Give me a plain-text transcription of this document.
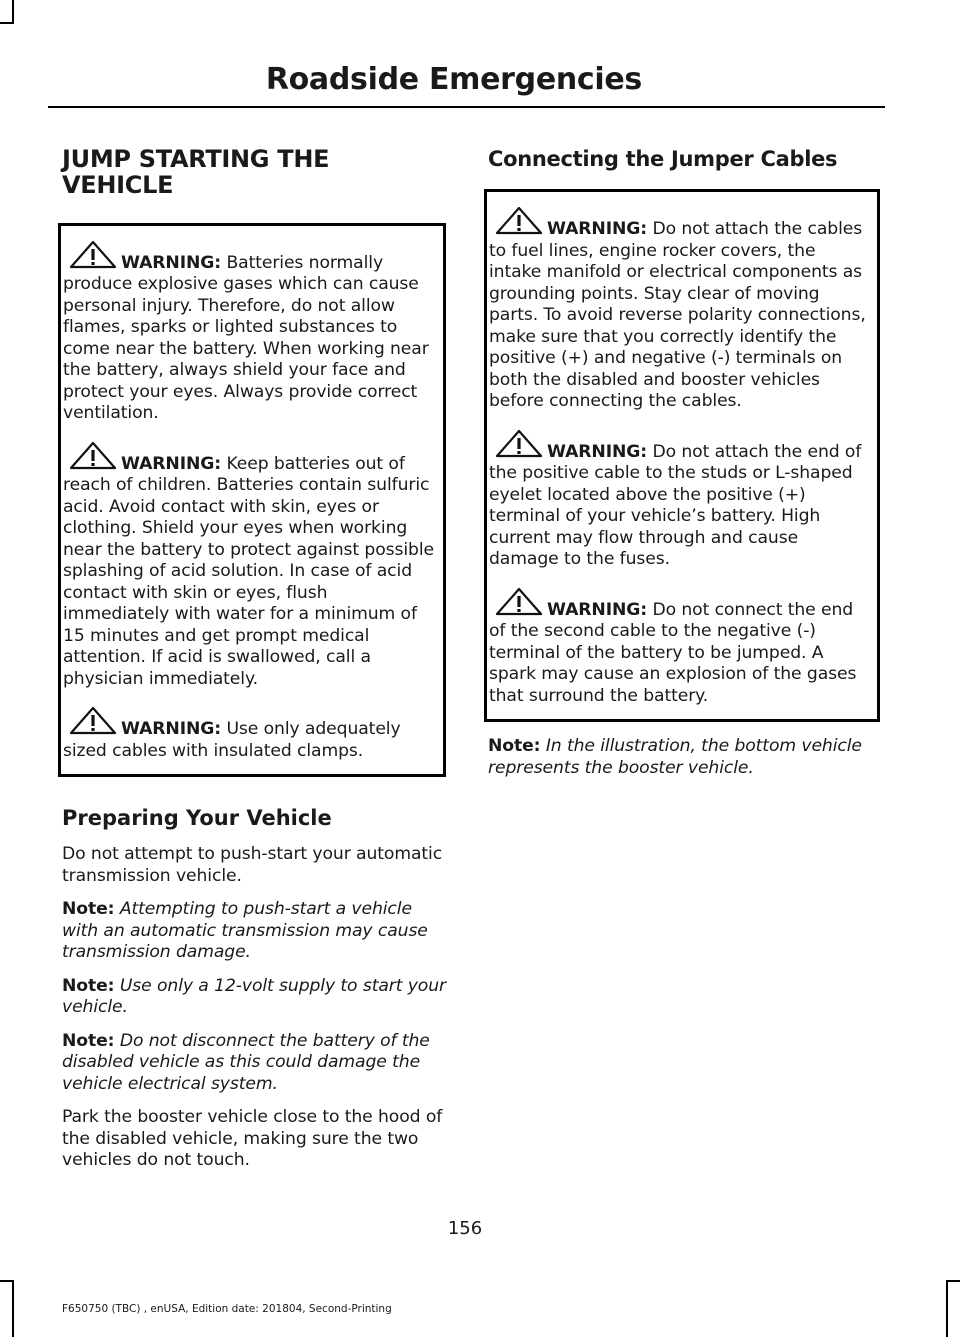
Roadside Emergencies
JUMP STARTING THE VEHICLE
WARNING: Batteries normally produce explosive gases which can cause personal injury. Therefore, do not allow flames, sparks or lighted substances to come near the battery. When working near the battery, always shield your face and protect your eyes. Always provide correct ventilation.
WARNING: Keep batteries out of reach of children. Batteries contain sulfuric acid. Avoid contact with skin, eyes or clothing. Shield your eyes when working near the battery to protect against possible splashing of acid solution. In case of acid contact with skin or eyes, flush immediately with water for a minimum of 15 minutes and get prompt medical attention. If acid is swallowed, call a physician immediately.
WARNING: Use only adequately sized cables with insulated clamps.
Preparing Your Vehicle

Do not attempt to push-start your automatic transmission vehicle.

Note: Attempting to push-start a vehicle with an automatic transmission may cause transmission damage.

Note: Use only a 12-volt supply to start your vehicle.

Note: Do not disconnect the battery of the disabled vehicle as this could damage the vehicle electrical system.

Park the booster vehicle close to the hood of the disabled vehicle, making sure the two vehicles do not touch.

Connecting the Jumper Cables
WARNING: Do not attach the cables to fuel lines, engine rocker covers, the intake manifold or electrical components as grounding points. Stay clear of moving parts. To avoid reverse polarity connections, make sure that you correctly identify the positive (+) and negative (-) terminals on both the disabled and booster vehicles before connecting the cables.
WARNING: Do not attach the end of the positive cable to the studs or L-shaped eyelet located above the positive (+) terminal of your vehicle’s battery. High current may flow through and cause damage to the fuses.
WARNING: Do not connect the end of the second cable to the negative (-) terminal of the battery to be jumped. A spark may cause an explosion of the gases that surround the battery.

Note: In the illustration, the bottom vehicle represents the booster vehicle.

156
F650750 (TBC) , enUSA, Edition date: 201804, Second-Printing
